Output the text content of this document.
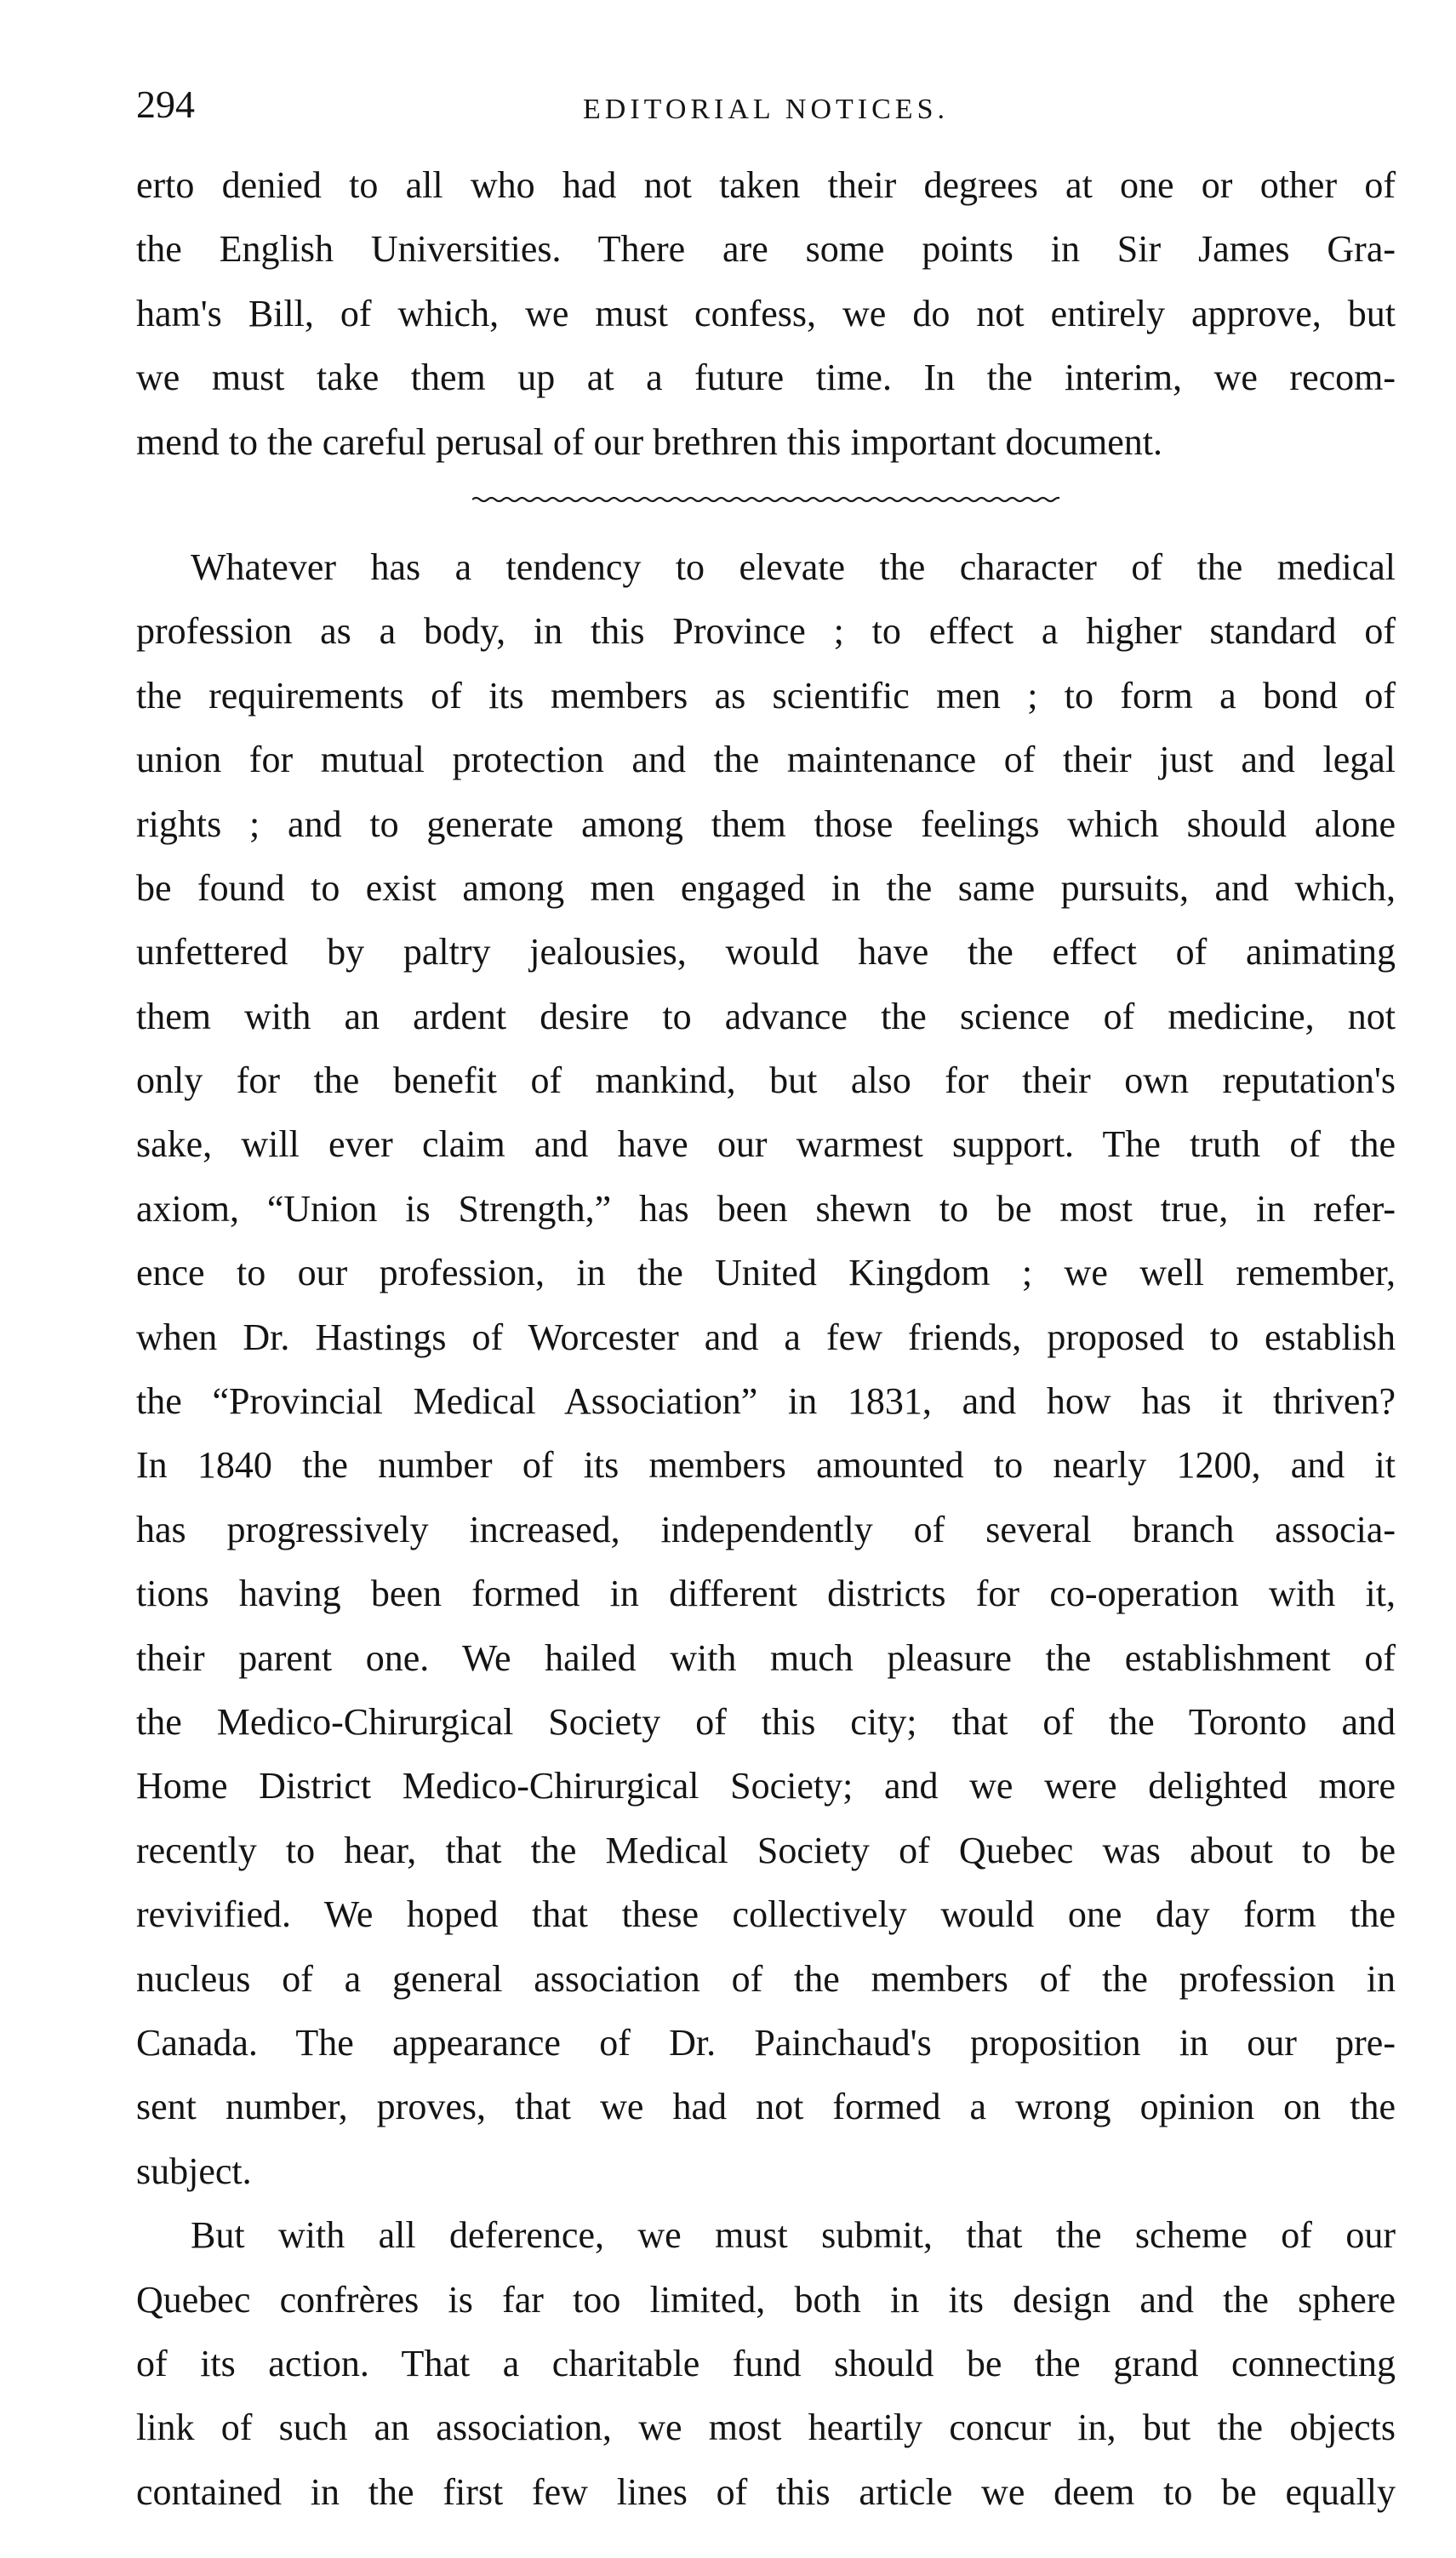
294	EDITORIAL NOTICES.
erto denied to all who had not taken their degrees at one or other of
the English Universities. There are some points in Sir James Gra-
ham's Bill, of which, we must confess, we do not entirely approve, but
we must take them up at a future time. In the interim, we recom-
mend to the careful perusal of our brethren this important document.
Whatever has a tendency to elevate the character of the medical
profession as a body, in this Province ; to effect a higher standard of
the requirements of its members as scientific men ; to form a bond of
union for mutual protection and the maintenance of their just and legal
rights ; and to generate among them those feelings which should alone
be found to exist among men engaged in the same pursuits, and which,
unfettered by paltry jealousies, would have the effect of animating
them with an ardent desire to advance the science of medicine, not
only for the benefit of mankind, but also for their own reputation's
sake, will ever claim and have our warmest support. The truth of the
axiom, “Union is Strength,” has been shewn to be most true, in refer-
ence to our profession, in the United Kingdom ; we well remember,
when Dr. Hastings of Worcester and a few friends, proposed to establish
the “Provincial Medical Association” in 1831, and how has it thriven?
In 1840 the number of its members amounted to nearly 1200, and it
has progressively increased, independently of several branch associa-
tions having been formed in different districts for co-operation with it,
their parent one. We hailed with much pleasure the establishment of
the Medico-Chirurgical Society of this city; that of the Toronto and
Home District Medico-Chirurgical Society; and we were delighted more
recently to hear, that the Medical Society of Quebec was about to be
revivified. We hoped that these collectively would one day form the
nucleus of a general association of the members of the profession in
Canada. The appearance of Dr. Painchaud's proposition in our pre-
sent number, proves, that we had not formed a wrong opinion on the
subject.
But with all deference, we must submit, that the scheme of our
Quebec confrères is far too limited, both in its design and the sphere
of its action. That a charitable fund should be the grand connecting
link of such an association, we most heartily concur in, but the objects
contained in the first few lines of this article we deem to be equally
